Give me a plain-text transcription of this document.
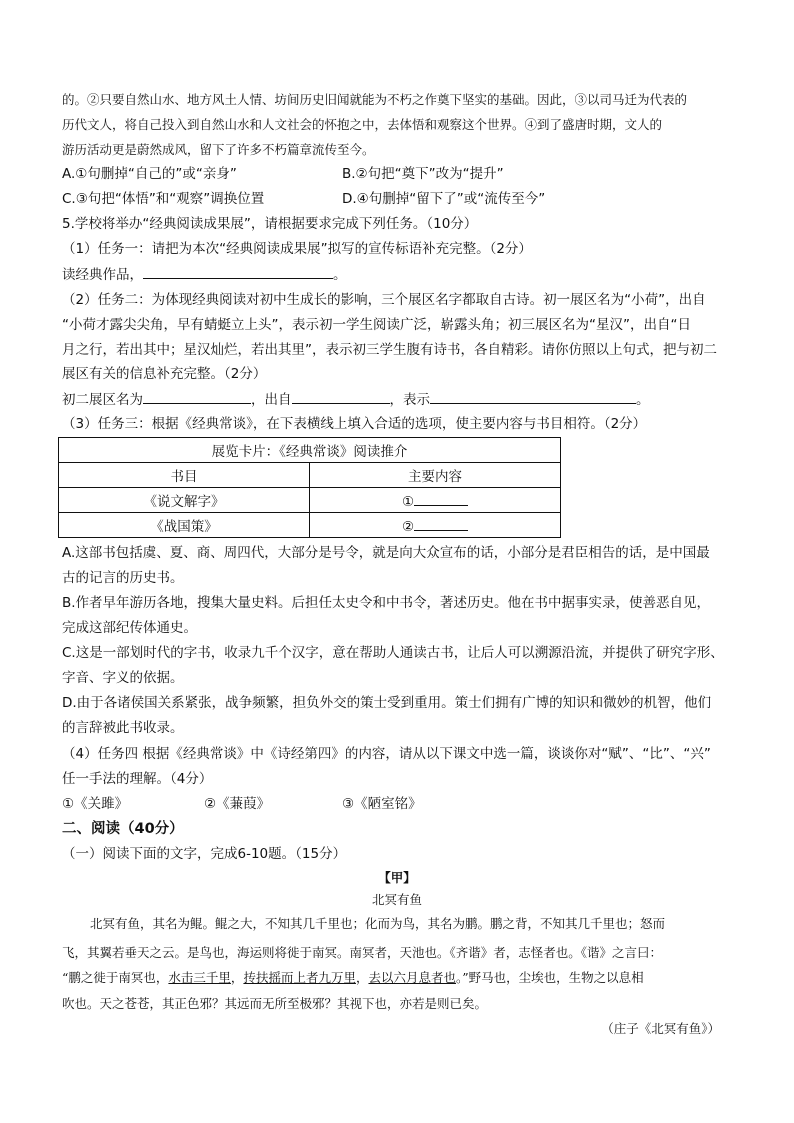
的。②只要自然山水、地方风土人情、坊间历史旧闻就能为不朽之作奠下坚实的基础。因此，③以司马迁为代表的
历代文人，将自己投入到自然山水和人文社会的怀抱之中，去体悟和观察这个世界。④到了盛唐时期，文人的
游历活动更是蔚然成风，留下了许多不朽篇章流传至今。
A.①句删掉“自己的”或“亲身”	B.②句把“奠下”改为“提升”
C.③句把“体悟”和“观察”调换位置	D.④句删掉“留下了”或“流传至今”
5.学校将举办“经典阅读成果展”，请根据要求完成下列任务。（10分）
（1）任务一：请把为本次“经典阅读成果展”拟写的宣传标语补充完整。（2分）
读经典作品，	。
（2）任务二：为体现经典阅读对初中生成长的影响，三个展区名字都取自古诗。初一展区名为“小荷”，出自
“小荷才露尖尖角，早有蜻蜓立上头”，表示初一学生阅读广泛，崭露头角；初三展区名为“星汉”，出自“日
月之行，若出其中；星汉灿烂，若出其里”，表示初三学生腹有诗书，各自精彩。请你仿照以上句式，把与初二
展区有关的信息补充完整。（2分）
初二展区名为	，出自	，表示	。
（3）任务三：根据《经典常谈》，在下表横线上填入合适的选项，使主要内容与书目相符。（2分）
展览卡片：《经典常谈》阅读推介	
书目	主要内容
《说文解字》	①
《战国策》	②
A.这部书包括虞、夏、商、周四代，大部分是号令，就是向大众宣布的话，小部分是君臣相告的话，是中国最
古的记言的历史书。
B.作者早年游历各地，搜集大量史料。后担任太史令和中书令，著述历史。他在书中据事实录，使善恶自见，
完成这部纪传体通史。
C.这是一部划时代的字书，收录九千个汉字，意在帮助人通读古书，让后人可以溯源沿流，并提供了研究字形、
字音、字义的依据。
D.由于各诸侯国关系紧张，战争频繁，担负外交的策士受到重用。策士们拥有广博的知识和微妙的机智，他们
的言辞被此书收录。
（4）任务四 根据《经典常谈》中《诗经第四》的内容，请从以下课文中选一篇，谈谈你对“赋”、“比”、“兴”
任一手法的理解。（4分）
①《关雎》	②《蒹葭》	③《陋室铭》
二、阅读（40分）
（一）阅读下面的文字，完成6-10题。（15分）
【甲】
北冥有鱼
北冥有鱼，其名为鲲。鲲之大，不知其几千里也；化而为鸟，其名为鹏。鹏之背，不知其几千里也；怒而
飞，其翼若垂天之云。是鸟也，海运则将徙于南冥。南冥者，天池也。《齐谐》者，志怪者也。《谐》之言曰：
“鹏之徙于南冥也，水击三千里，抟扶摇而上者九万里，去以六月息者也。”野马也，尘埃也，生物之以息相
吹也。天之苍苍，其正色邪？其远而无所至极邪？其视下也，亦若是则已矣。
（庄子《北冥有鱼》）
